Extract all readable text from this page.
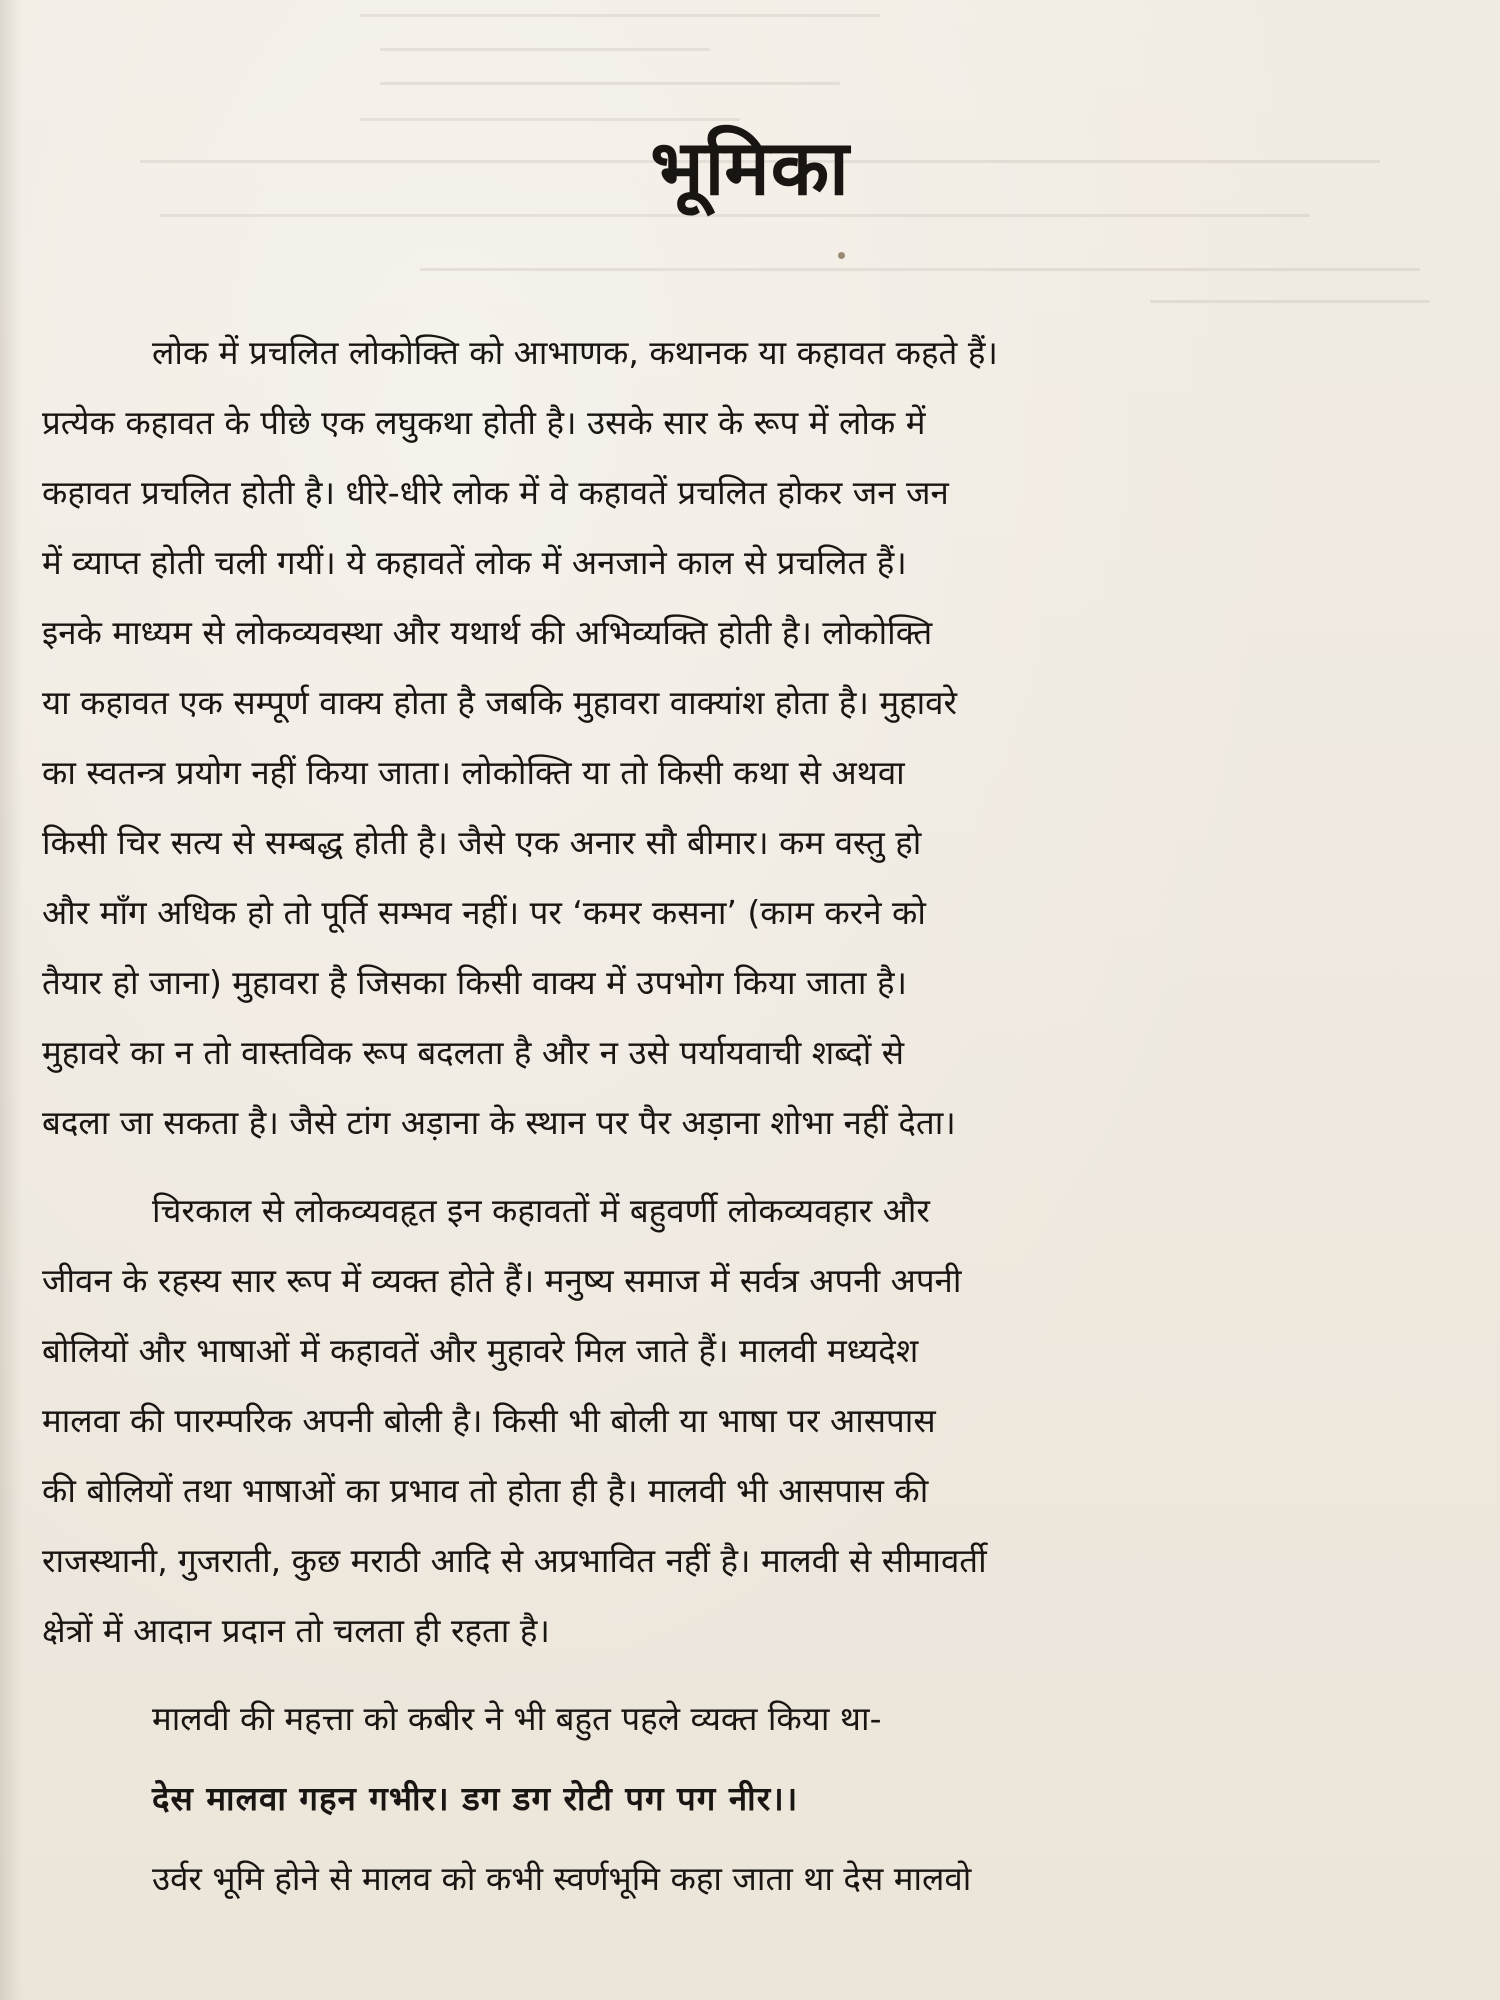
भूमिका
लोक में प्रचलित लोकोक्ति को आभाणक, कथानक या कहावत कहते हैं।
प्रत्येक कहावत के पीछे एक लघुकथा होती है। उसके सार के रूप में लोक में
कहावत प्रचलित होती है। धीरे-धीरे लोक में वे कहावतें प्रचलित होकर जन जन
में व्याप्त होती चली गयीं। ये कहावतें लोक में अनजाने काल से प्रचलित हैं।
इनके माध्यम से लोकव्यवस्था और यथार्थ की अभिव्यक्ति होती है। लोकोक्ति
या कहावत एक सम्पूर्ण वाक्य होता है जबकि मुहावरा वाक्यांश होता है। मुहावरे
का स्वतन्त्र प्रयोग नहीं किया जाता। लोकोक्ति या तो किसी कथा से अथवा
किसी चिर सत्य से सम्बद्ध होती है। जैसे एक अनार सौ बीमार। कम वस्तु हो
और माँग अधिक हो तो पूर्ति सम्भव नहीं। पर ‘कमर कसना’ (काम करने को
तैयार हो जाना) मुहावरा है जिसका किसी वाक्य में उपभोग किया जाता है।
मुहावरे का न तो वास्तविक रूप बदलता है और न उसे पर्यायवाची शब्दों से
बदला जा सकता है। जैसे टांग अड़ाना के स्थान पर पैर अड़ाना शोभा नहीं देता।
चिरकाल से लोकव्यवहृत इन कहावतों में बहुवर्णी लोकव्यवहार और
जीवन के रहस्य सार रूप में व्यक्त होते हैं। मनुष्य समाज में सर्वत्र अपनी अपनी
बोलियों और भाषाओं में कहावतें और मुहावरे मिल जाते हैं। मालवी मध्यदेश
मालवा की पारम्परिक अपनी बोली है। किसी भी बोली या भाषा पर आसपास
की बोलियों तथा भाषाओं का प्रभाव तो होता ही है। मालवी भी आसपास की
राजस्थानी, गुजराती, कुछ मराठी आदि से अप्रभावित नहीं है। मालवी से सीमावर्ती
क्षेत्रों में आदान प्रदान तो चलता ही रहता है।
मालवी की महत्ता को कबीर ने भी बहुत पहले व्यक्त किया था-
देस मालवा गहन गभीर। डग डग रोटी पग पग नीर।।
उर्वर भूमि होने से मालव को कभी स्वर्णभूमि कहा जाता था देस मालवो
